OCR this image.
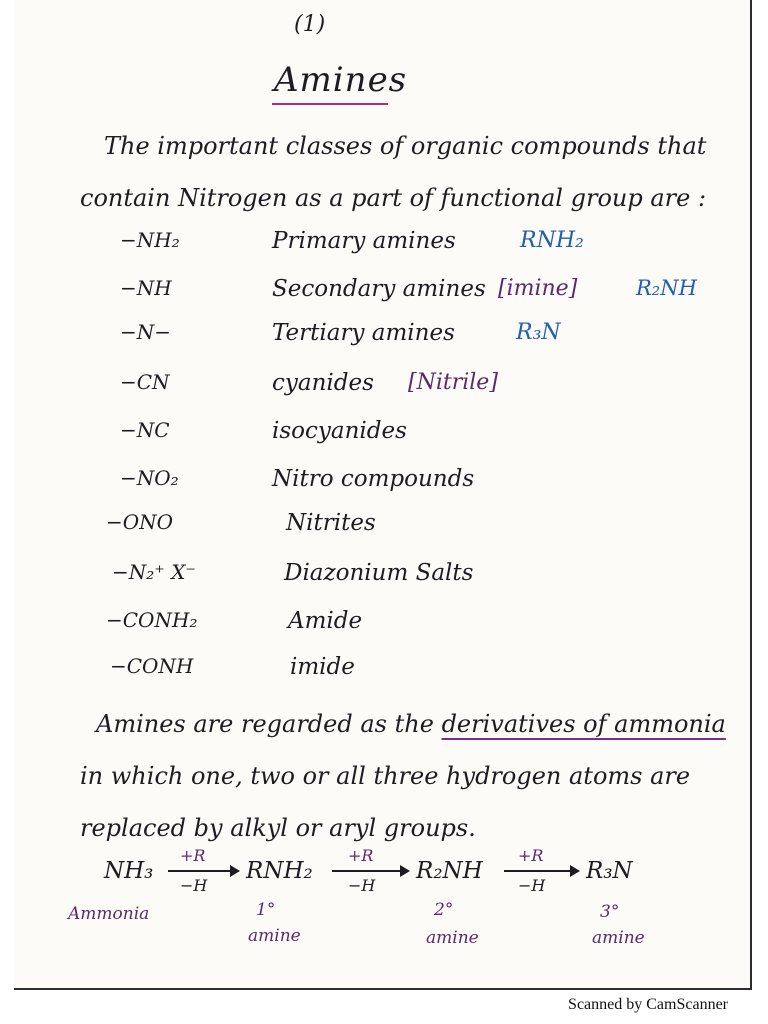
(1)
Amines
The important classes of organic compounds that
contain Nitrogen as a part of functional group are :
−NH₂	Primary amines	RNH₂
−NH	Secondary amines [imine]	R₂NH
−N−	Tertiary amines	R₃N
−CN	cyanides [Nitrile]
−NC	isocyanides
−NO₂	Nitro compounds
−ONO	Nitrites
−N₂⁺ X⁻	Diazonium Salts
−CONH₂	Amide
−CONH	imide
Amines are regarded as the derivatives of ammonia
in which one, two or all three hydrogen atoms are
replaced by alkyl or aryl groups.
NH₃
+R
−H
RNH₂
+R
−H
R₂NH
+R
−H
R₃N
Ammonia	1°
amine
2°
amine
3°
amine
Scanned by CamScanner
